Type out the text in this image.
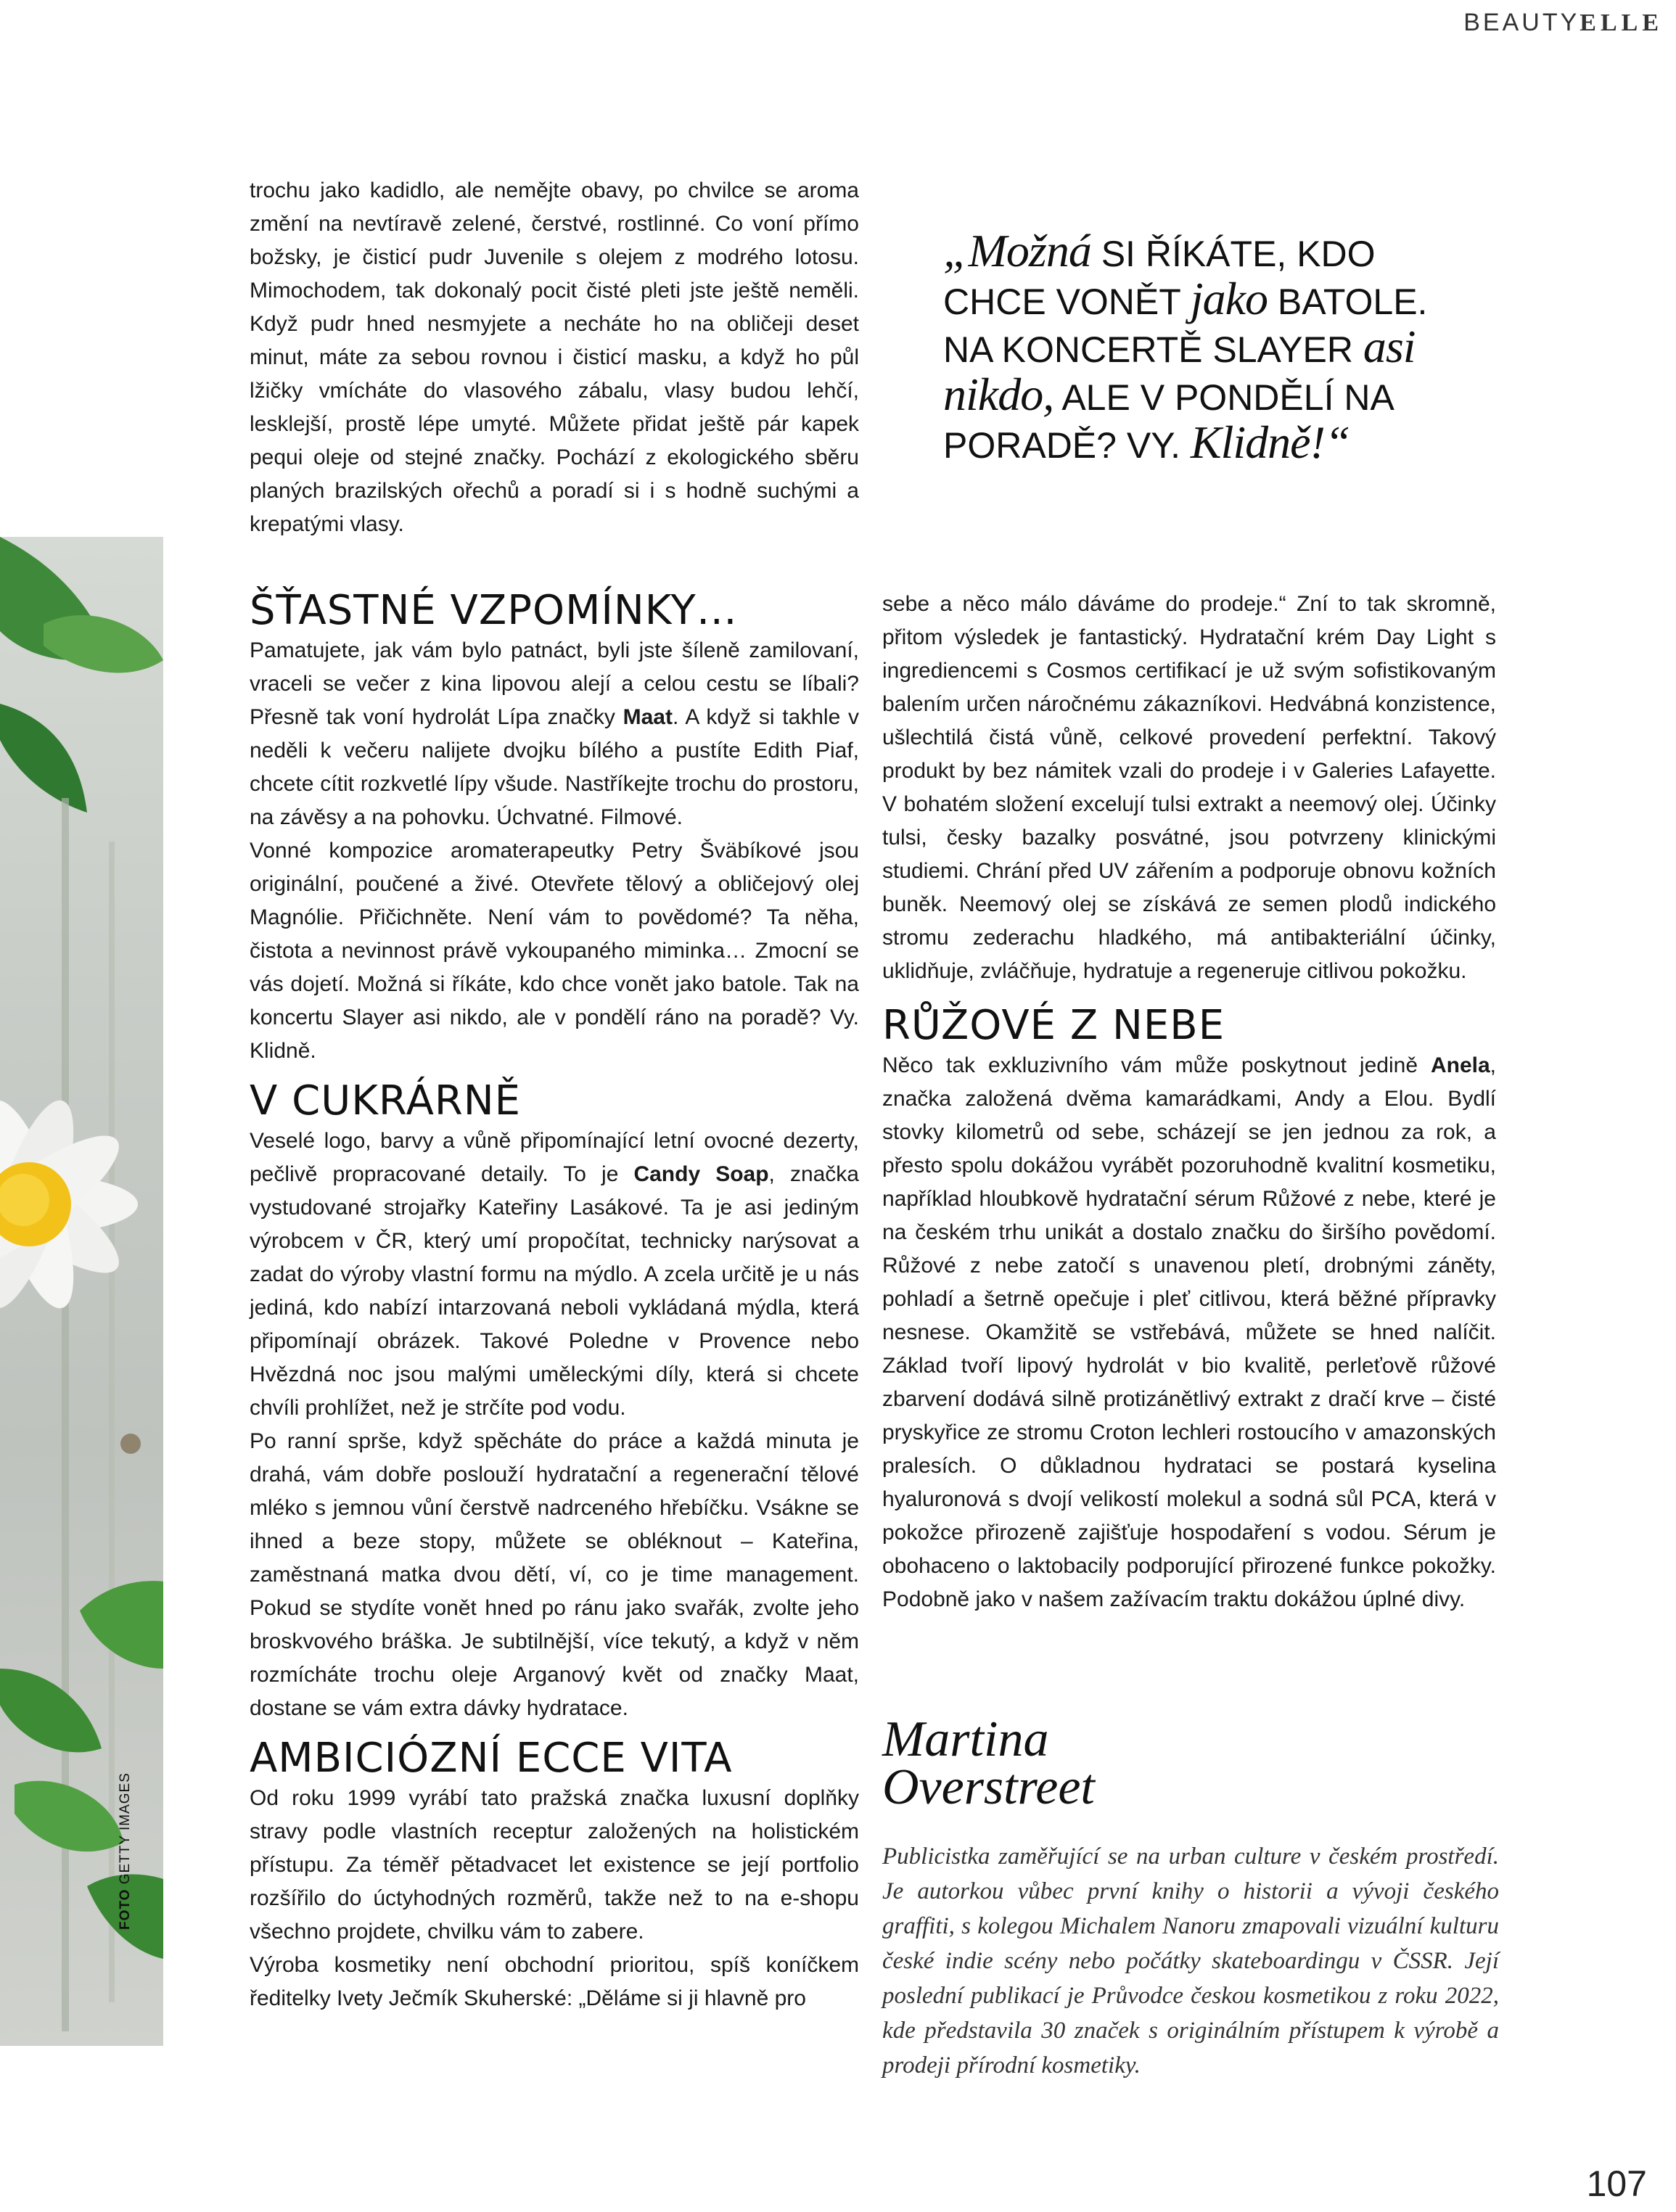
BEAUTYELLE
FOTO GETTY IMAGES

trochu jako kadidlo, ale nemějte obavy, po chvilce se aroma změní na nevtíravě zelené, čerstvé, rostlinné. Co voní přímo božsky, je čisticí pudr Juvenile s olejem z modrého lotosu. Mimochodem, tak dokonalý pocit čisté pleti jste ještě neměli. Když pudr hned nesmyjete a necháte ho na obličeji deset minut, máte za sebou rovnou i čisticí masku, a když ho půl lžičky vmícháte do vlasového zábalu, vlasy budou lehčí, lesklejší, prostě lépe umyté. Můžete přidat ještě pár kapek pequi oleje od stejné značky. Pochází z ekologického sběru planých brazilských ořechů a poradí si i s hodně suchými a krepatými vlasy.

„Možná SI ŘÍKÁTE, KDO CHCE VONĚT jako BATOLE. NA KONCERTĚ SLAYER asi nikdo, ALE V PONDĚLÍ NA PORADĚ? VY. Klidně!“
ŠŤASTNÉ VZPOMÍNKY…

Pamatujete, jak vám bylo patnáct, byli jste šíleně zamilovaní, vraceli se večer z kina lipovou alejí a celou cestu se líbali? Přesně tak voní hydrolát Lípa značky Maat. A když si takhle v neděli k večeru nalijete dvojku bílého a pustíte Edith Piaf, chcete cítit rozkvetlé lípy všude. Nastříkejte trochu do prostoru, na závěsy a na pohovku. Úchvatné. Filmové.

Vonné kompozice aromaterapeutky Petry Šväbíkové jsou originální, poučené a živé. Otevřete tělový a obličejový olej Magnólie. Přičichněte. Není vám to povědomé? Ta něha, čistota a nevinnost právě vykoupaného miminka… Zmocní se vás dojetí. Možná si říkáte, kdo chce vonět jako batole. Tak na koncertu Slayer asi nikdo, ale v pondělí ráno na poradě? Vy. Klidně.

V CUKRÁRNĚ

Veselé logo, barvy a vůně připomínající letní ovocné dezerty, pečlivě propracované detaily. To je Candy Soap, značka vystudované strojařky Kateřiny Lasákové. Ta je asi jediným výrobcem v ČR, který umí propočítat, technicky narýsovat a zadat do výroby vlastní formu na mýdlo. A zcela určitě je u nás jediná, kdo nabízí intarzovaná neboli vykládaná mýdla, která připomínají obrázek. Takové Poledne v Provence nebo Hvězdná noc jsou malými uměleckými díly, která si chcete chvíli prohlížet, než je strčíte pod vodu.

Po ranní sprše, když spěcháte do práce a každá minuta je drahá, vám dobře poslouží hydratační a regenerační tělové mléko s jemnou vůní čerstvě nadrceného hřebíčku. Vsákne se ihned a beze stopy, můžete se obléknout – Kateřina, zaměstnaná matka dvou dětí, ví, co je time management. Pokud se stydíte vonět hned po ránu jako svařák, zvolte jeho broskvového bráška. Je subtilnější, více tekutý, a když v něm rozmícháte trochu oleje Arganový květ od značky Maat, dostane se vám extra dávky hydratace.

AMBICIÓZNÍ ECCE VITA

Od roku 1999 vyrábí tato pražská značka luxusní doplňky stravy podle vlastních receptur založených na holistickém přístupu. Za téměř pětadvacet let existence se její portfolio rozšířilo do úctyhodných rozměrů, takže než to na e-shopu všechno projdete, chvilku vám to zabere.

Výroba kosmetiky není obchodní prioritou, spíš koníčkem ředitelky Ivety Ječmík Skuherské: „Děláme si ji hlavně pro

sebe a něco málo dáváme do prodeje.“ Zní to tak skromně, přitom výsledek je fantastický. Hydratační krém Day Light s ingrediencemi s Cosmos certifikací je už svým sofistikovaným balením určen náročnému zákazníkovi. Hedvábná konzistence, ušlechtilá čistá vůně, celkové provedení perfektní. Takový produkt by bez námitek vzali do prodeje i v Galeries Lafayette. V bohatém složení excelují tulsi extrakt a neemový olej. Účinky tulsi, česky bazalky posvátné, jsou potvrzeny klinickými studiemi. Chrání před UV zářením a podporuje obnovu kožních buněk. Neemový olej se získává ze semen plodů indického stromu zederachu hladkého, má antibakteriální účinky, uklidňuje, zvláčňuje, hydratuje a regeneruje citlivou pokožku.

RŮŽOVÉ Z NEBE

Něco tak exkluzivního vám může poskytnout jedině Anela, značka založená dvěma kamarádkami, Andy a Elou. Bydlí stovky kilometrů od sebe, scházejí se jen jednou za rok, a přesto spolu dokážou vyrábět pozoruhodně kvalitní kosmetiku, například hloubkově hydratační sérum Růžové z nebe, které je na českém trhu unikát a dostalo značku do širšího povědomí. Růžové z nebe zatočí s unavenou pletí, drobnými záněty, pohladí a šetrně opečuje i pleť citlivou, která běžné přípravky nesnese. Okamžitě se vstřebává, můžete se hned nalíčit. Základ tvoří lipový hydrolát v bio kvalitě, perleťově růžové zbarvení dodává silně protizánětlivý extrakt z dračí krve – čisté pryskyřice ze stromu Croton lechleri rostoucího v amazonských pralesích. O důkladnou hydrataci se postará kyselina hyaluronová s dvojí velikostí molekul a sodná sůl PCA, která v pokožce přirozeně zajišťuje hospodaření s vodou. Sérum je obohaceno o laktobacily podporující přirozené funkce pokožky. Podobně jako v našem zažívacím traktu dokážou úplné divy.

Martina
Overstreet
Publicistka zaměřující se na urban culture v českém prostředí. Je autorkou vůbec první knihy o historii a vývoji českého graffiti, s kolegou Michalem Nanoru zmapovali vizuální kulturu české indie scény nebo počátky skateboardingu v ČSSR. Její poslední publikací je Průvodce českou kosmetikou z roku 2022, kde představila 30 značek s originálním přístupem k výrobě a prodeji přírodní kosmetiky.
107
